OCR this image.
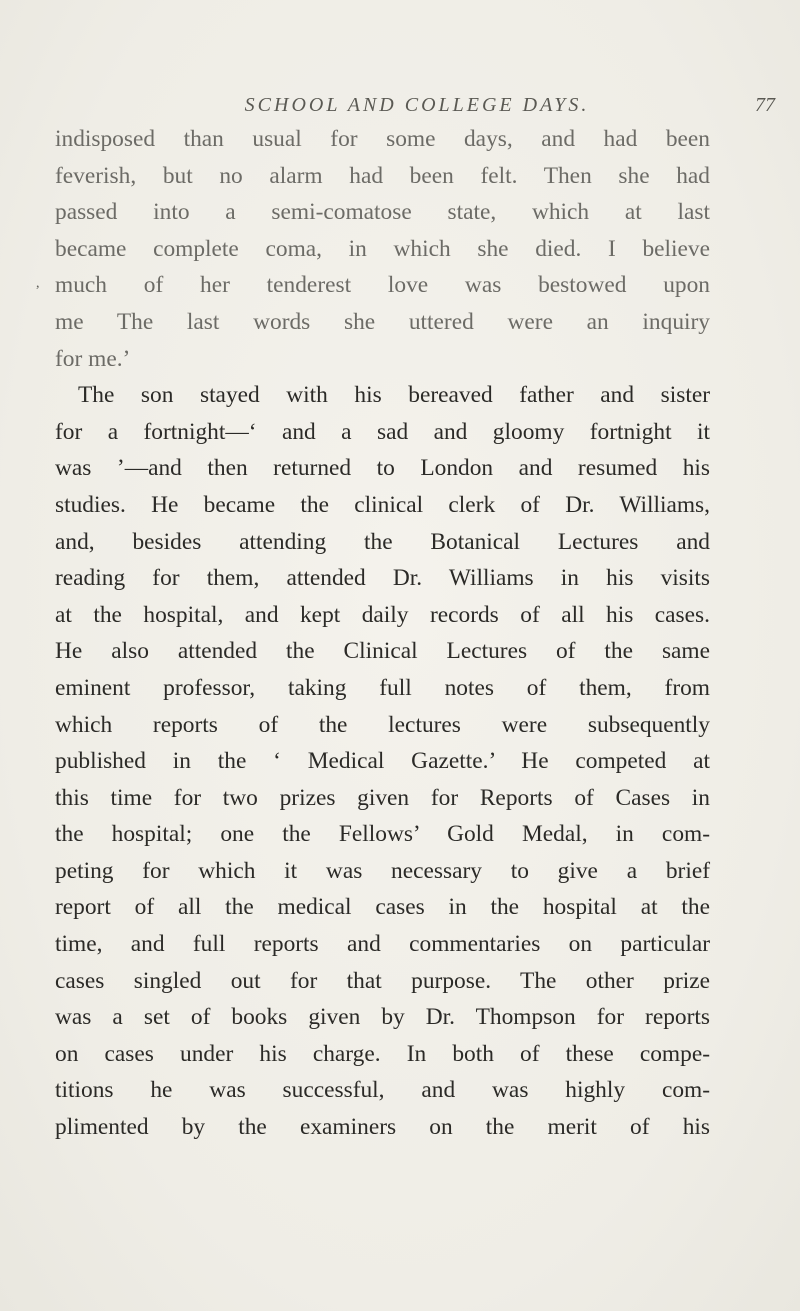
SCHOOL AND COLLEGE DAYS.	77
,
indisposed than usual for some days, and had been
feverish, but no alarm had been felt. Then she had
passed into a semi-comatose state, which at last
became complete coma, in which she died. I believe
much of her tenderest love was bestowed upon
me The last words she uttered were an inquiry
for me.’
The son stayed with his bereaved father and sister
for a fortnight—‘ and a sad and gloomy fortnight it
was ’—and then returned to London and resumed his
studies. He became the clinical clerk of Dr. Williams,
and, besides attending the Botanical Lectures and
reading for them, attended Dr. Williams in his visits
at the hospital, and kept daily records of all his cases.
He also attended the Clinical Lectures of the same
eminent professor, taking full notes of them, from
which reports of the lectures were subsequently
published in the ‘ Medical Gazette.’ He competed at
this time for two prizes given for Reports of Cases in
the hospital; one the Fellows’ Gold Medal, in com-
peting for which it was necessary to give a brief
report of all the medical cases in the hospital at the
time, and full reports and commentaries on particular
cases singled out for that purpose. The other prize
was a set of books given by Dr. Thompson for reports
on cases under his charge. In both of these compe-
titions he was successful, and was highly com-
plimented by the examiners on the merit of his
